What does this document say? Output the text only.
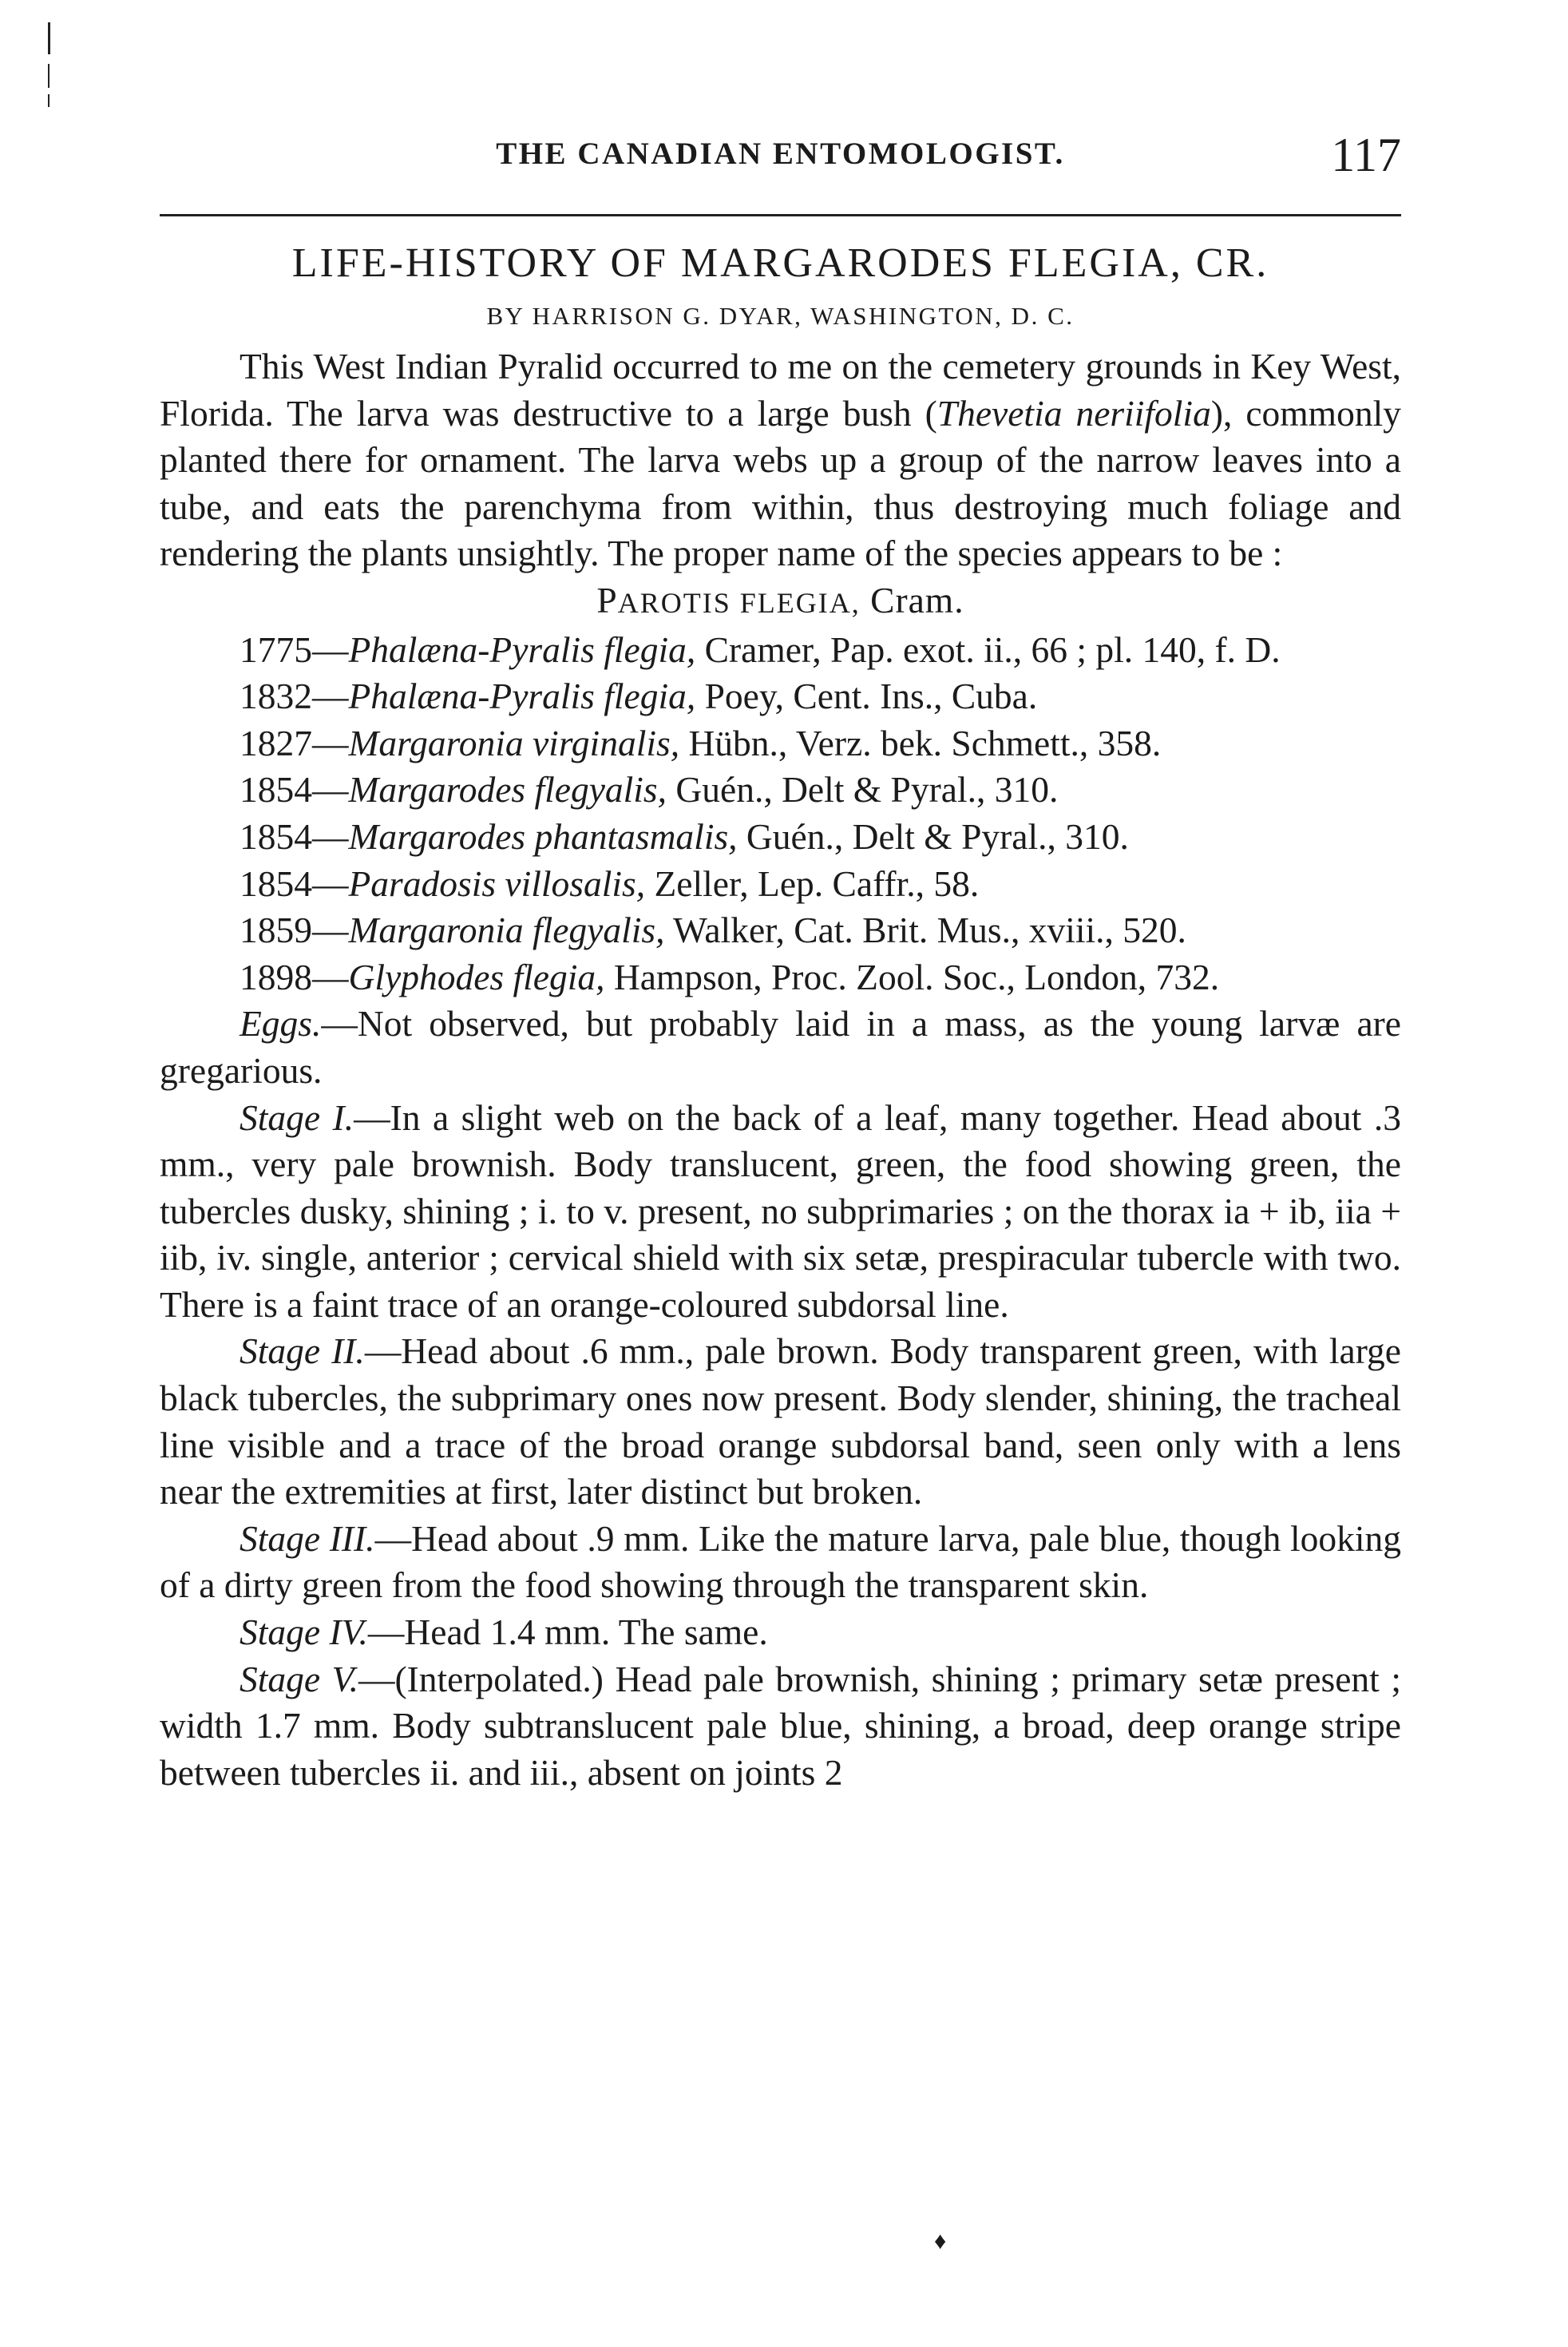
THE CANADIAN ENTOMOLOGIST.	117
LIFE-HISTORY OF MARGARODES FLEGIA, CR.
BY HARRISON G. DYAR, WASHINGTON, D. C.

This West Indian Pyralid occurred to me on the cemetery grounds in Key West, Florida. The larva was destructive to a large bush (Thevetia neriifolia), commonly planted there for ornament. The larva webs up a group of the narrow leaves into a tube, and eats the parenchyma from within, thus destroying much foliage and rendering the plants unsightly. The proper name of the species appears to be :

PAROTIS FLEGIA, Cram.

1775—Phalæna-Pyralis flegia, Cramer, Pap. exot. ii., 66 ; pl. 140, f. D.

1832—Phalæna-Pyralis flegia, Poey, Cent. Ins., Cuba.

1827—Margaronia virginalis, Hübn., Verz. bek. Schmett., 358.

1854—Margarodes flegyalis, Guén., Delt & Pyral., 310.

1854—Margarodes phantasmalis, Guén., Delt & Pyral., 310.

1854—Paradosis villosalis, Zeller, Lep. Caffr., 58.

1859—Margaronia flegyalis, Walker, Cat. Brit. Mus., xviii., 520.

1898—Glyphodes flegia, Hampson, Proc. Zool. Soc., London, 732.

Eggs.—Not observed, but probably laid in a mass, as the young larvæ are gregarious.

Stage I.—In a slight web on the back of a leaf, many together. Head about .3 mm., very pale brownish. Body translucent, green, the food showing green, the tubercles dusky, shining ; i. to v. present, no subprimaries ; on the thorax ia + ib, iia + iib, iv. single, anterior ; cervical shield with six setæ, prespiracular tubercle with two. There is a faint trace of an orange-coloured subdorsal line.

Stage II.—Head about .6 mm., pale brown. Body transparent green, with large black tubercles, the subprimary ones now present. Body slender, shining, the tracheal line visible and a trace of the broad orange subdorsal band, seen only with a lens near the extremities at first, later distinct but broken.

Stage III.—Head about .9 mm. Like the mature larva, pale blue, though looking of a dirty green from the food showing through the transparent skin.

Stage IV.—Head 1.4 mm. The same.

Stage V.—(Interpolated.) Head pale brownish, shining ; primary setæ present ; width 1.7 mm. Body subtranslucent pale blue, shining, a broad, deep orange stripe between tubercles ii. and iii., absent on joints 2

♦
